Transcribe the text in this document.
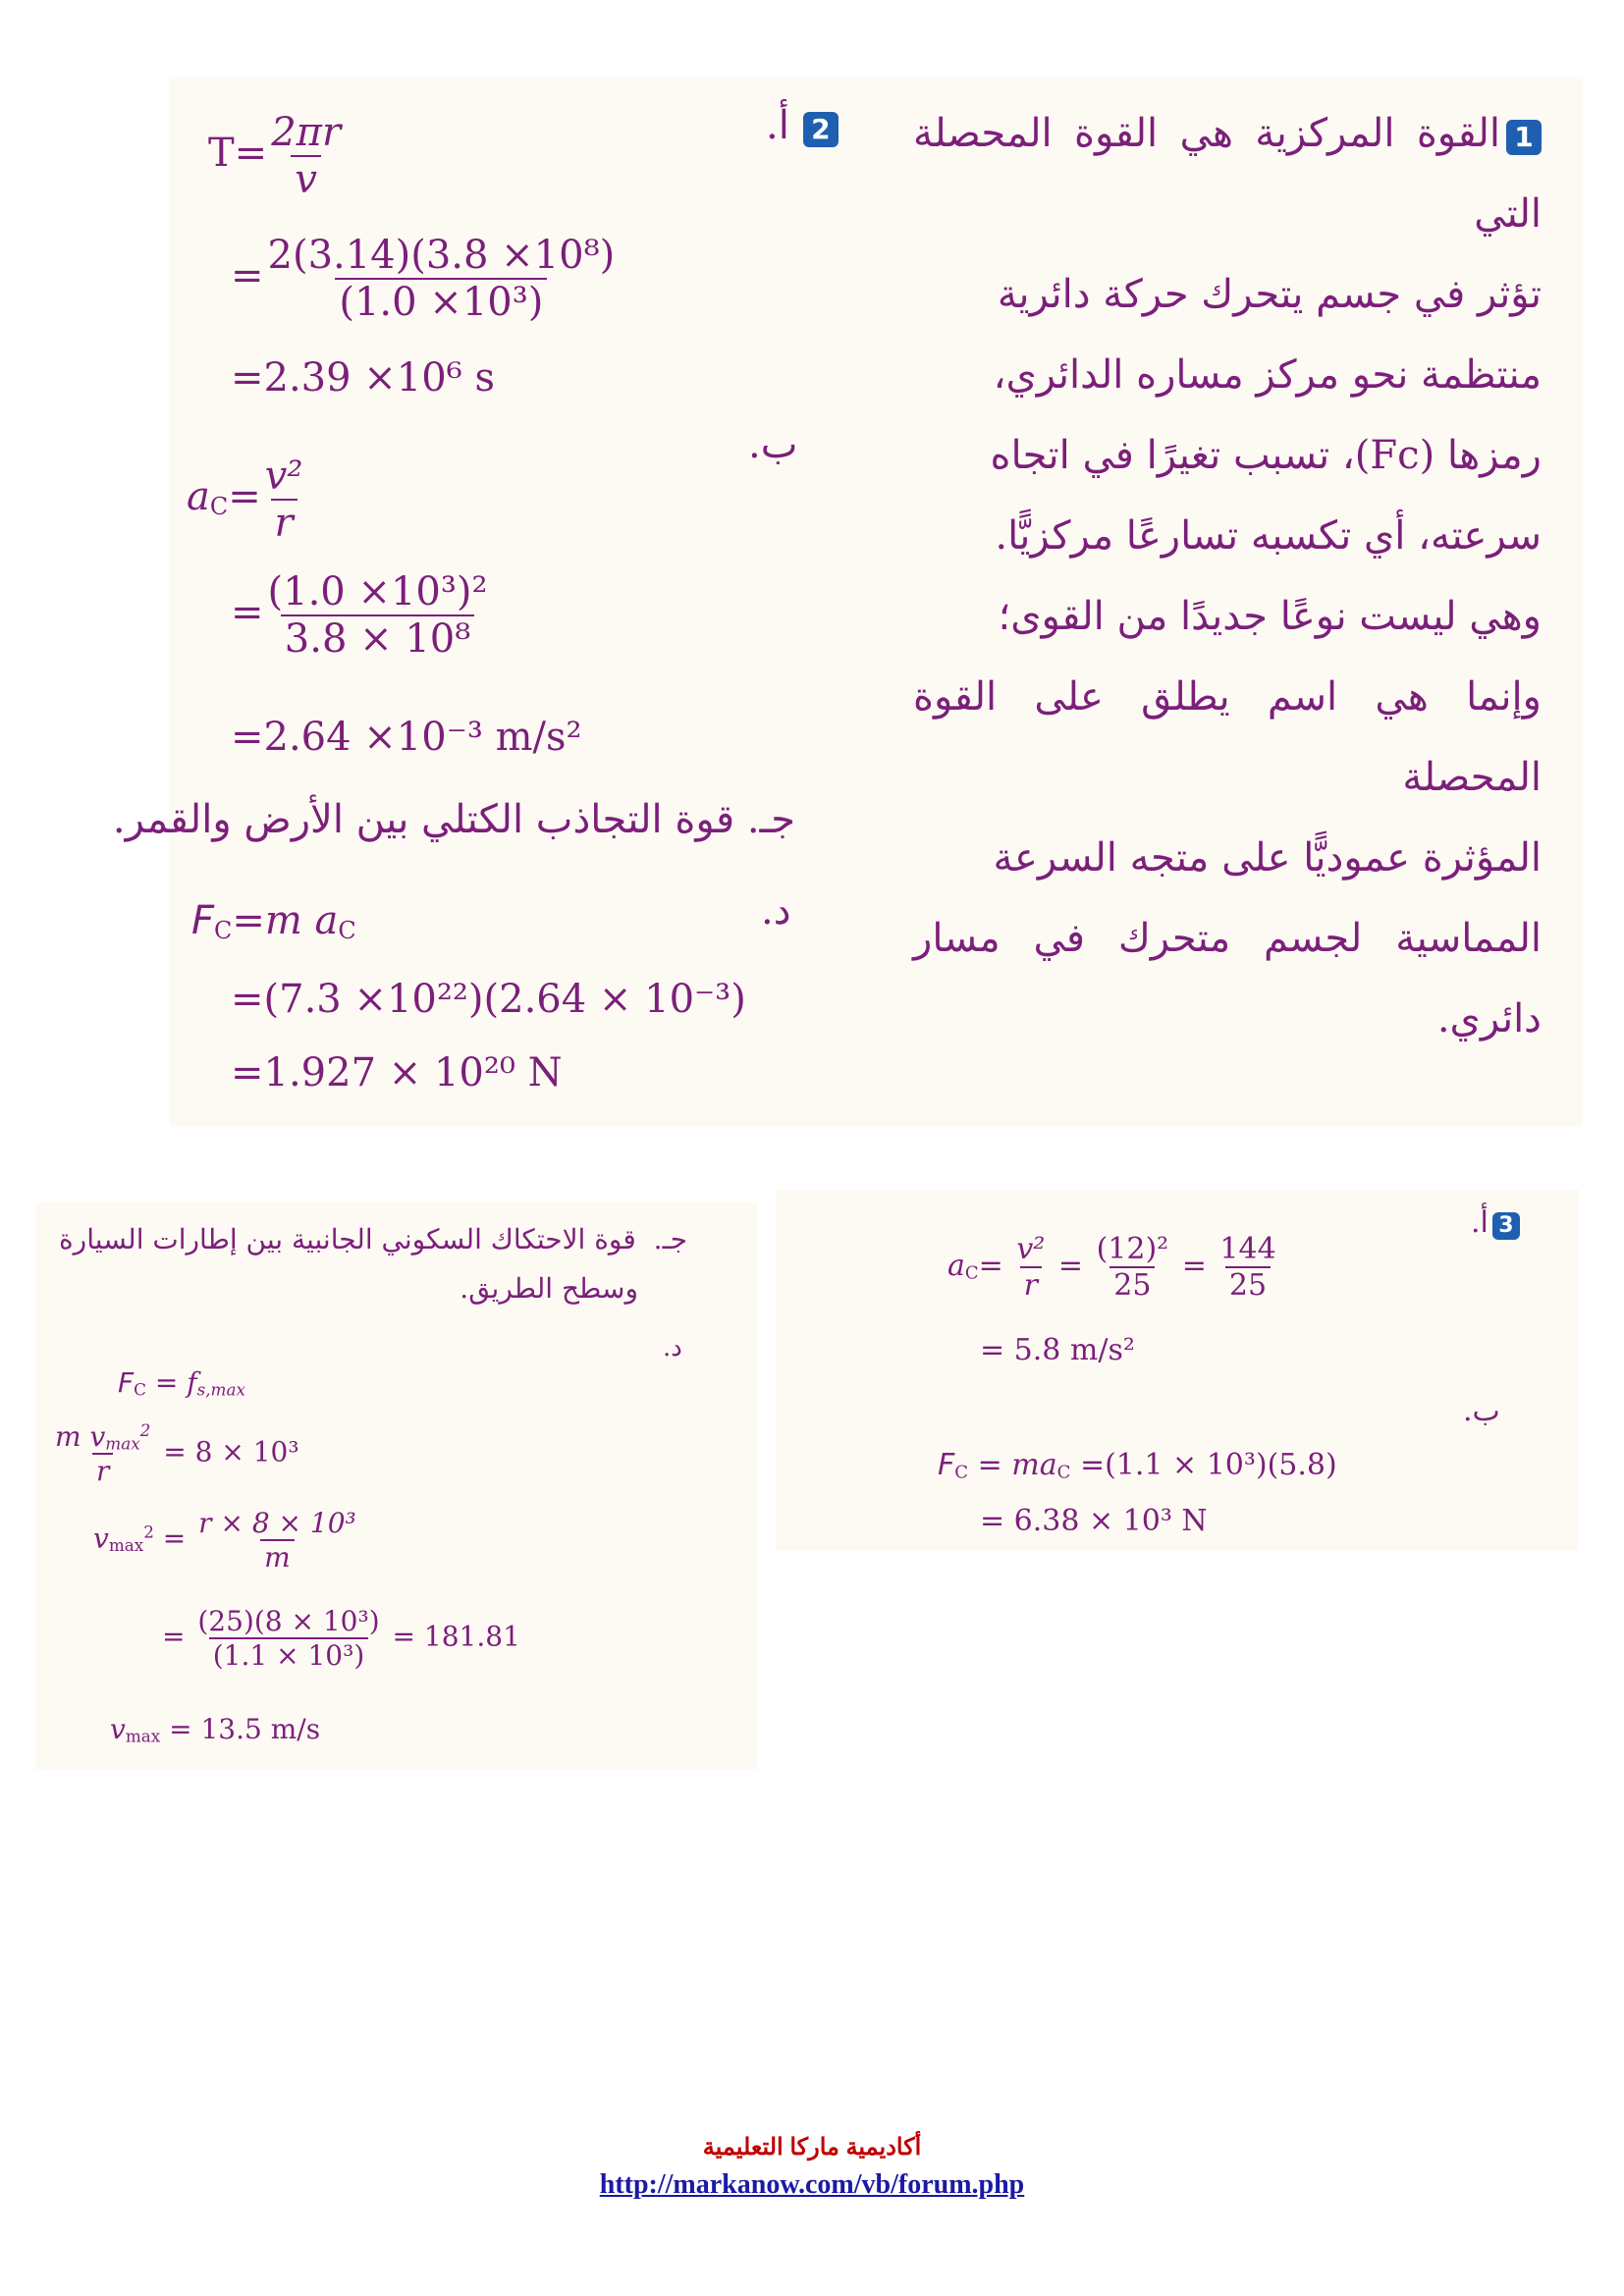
1القوة المركزية هي القوة المحصلة التي
تؤثر في جسم يتحرك حركة دائرية
منتظمة نحو مركز مساره الدائري،
رمزها (Fc)، تسبب تغيرًا في اتجاه
سرعته، أي تكسبه تسارعًا مركزيًّا.
وهي ليست نوعًا جديدًا من القوى؛
وإنما هي اسم يطلق على القوة المحصلة
المؤثرة عموديًّا على متجه السرعة
المماسية لجسم متحرك في مسار دائري.
2أ.
ب.
جـ. قوة التجاذب الكتلي بين الأرض والقمر.
د.
$T= \frac{2\pi r}{v}$
= $\frac{\text{2(3.14)(3.8 ×10⁸)}}{\text{(1.0 ×10³)}}$
=2.39 ×10⁶ s
$a_C= \frac{\text{v²}}{r}$
= $\frac{\text{(1.0 ×10³)²}}{\text{3.8 × 10⁸}}$
=2.64 ×10⁻³ m/s²
$F_C=m$ $a_C$
=(7.3 ×10²²)(2.64 × 10⁻³)
=1.927 × 10²⁰ N
3أ.
$a_C= \frac{\text{v²}}{r} = \frac{\text{(12)²}}{25} = \frac{144}{25}$
= 5.8 m/s²
ب.
$F_C = ma_C =(1.1 \times 10^3)(5.8)$
= 6.38 × 10³ N
جـ.  قوة الاحتكاك السكوني الجانبية بين إطارات السيارة
وسطح الطريق.
د.
$F_C = f_{s,max}$
$\frac{m v_{max}^2}{r} = 8 \times 10^3$
$v_{max}^2 = \frac{\text{r × 8 × 10³}}{m}$
= $\frac{\text{(25)(8 × 10³)}}{\text{(1.1 × 10³)}} = 181.81$
$v_{max} = 13.5$ m/s
أكاديمية ماركا التعليمية
http://markanow.com/vb/forum.php
